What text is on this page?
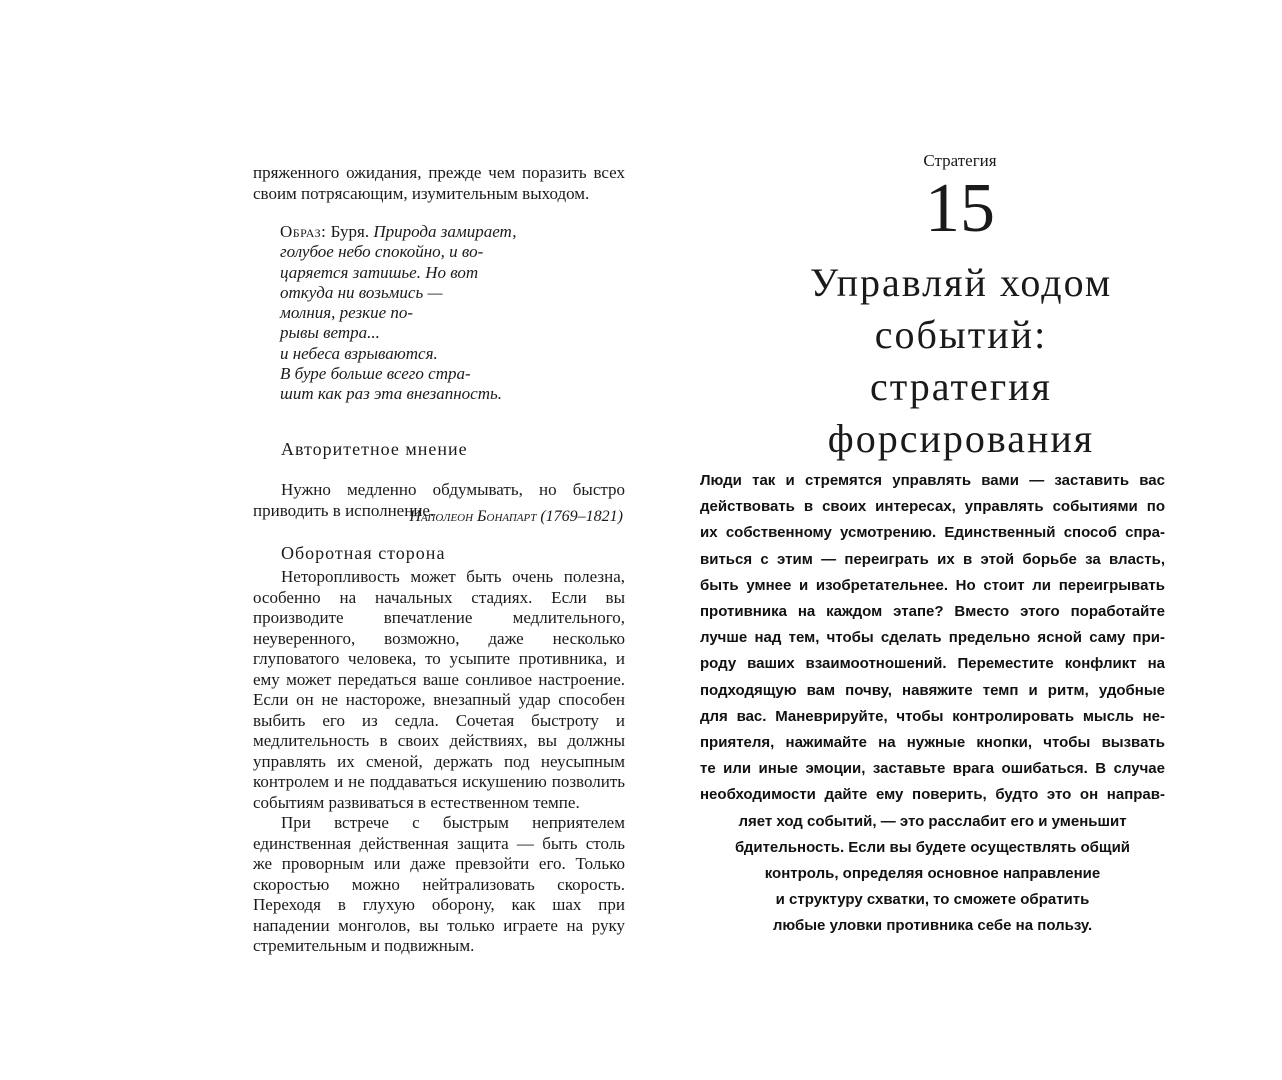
пряженного ожидания, прежде чем поразить всех своим потрясающим, изумительным выходом.

Образ: Буря. Природа замирает,
голубое небо спокойно, и во-
царяется затишье. Но вот
откуда ни возьмись —
молния, резкие по-
рывы ветра...
и небеса взрываются.
В буре больше всего стра-
шит как раз эта внезапность.
Авторитетное мнение

Нужно медленно обдумывать, но быстро приводить в исполнение.

Наполеон Бонапарт (1769–1821)
Оборотная сторона

Неторопливость может быть очень полезна, особенно на начальных стадиях. Если вы производите впечатление медлительного, неуверенного, возможно, даже несколько глуповатого человека, то усыпите противника, и ему может передаться ваше сонливое настроение. Если он не настороже, внезапный удар способен выбить его из седла. Сочетая быстроту и медлительность в своих действиях, вы должны управлять их сменой, держать под неусыпным контролем и не поддаваться искушению позволить событиям развиваться в естественном темпе.

При встрече с быстрым неприятелем единственная действенная защита — быть столь же проворным или даже превзойти его. Только скоростью можно нейтрализовать скорость. Переходя в глухую оборону, как шах при нападении монголов, вы только играете на руку стремительным и подвижным.

Стратегия
15
Управляй ходом
событий:
стратегия
форсирования
Люди так и стремятся управлять вами — заставить вас
действовать в своих интересах, управлять событиями по
их собственному усмотрению. Единственный способ спра-
виться с этим — переиграть их в этой борьбе за власть,
быть умнее и изобретательнее. Но стоит ли переигрывать
противника на каждом этапе? Вместо этого поработайте
лучше над тем, чтобы сделать предельно ясной саму при-
роду ваших взаимоотношений. Переместите конфликт на
подходящую вам почву, навяжите темп и ритм, удобные
для вас. Маневрируйте, чтобы контролировать мысль не-
приятеля, нажимайте на нужные кнопки, чтобы вызвать
те или иные эмоции, заставьте врага ошибаться. В случае
необходимости дайте ему поверить, будто это он направ-
ляет ход событий, — это расслабит его и уменьшит
бдительность. Если вы будете осуществлять общий
контроль, определяя основное направление
и структуру схватки, то сможете обратить
любые уловки противника себе на пользу.
